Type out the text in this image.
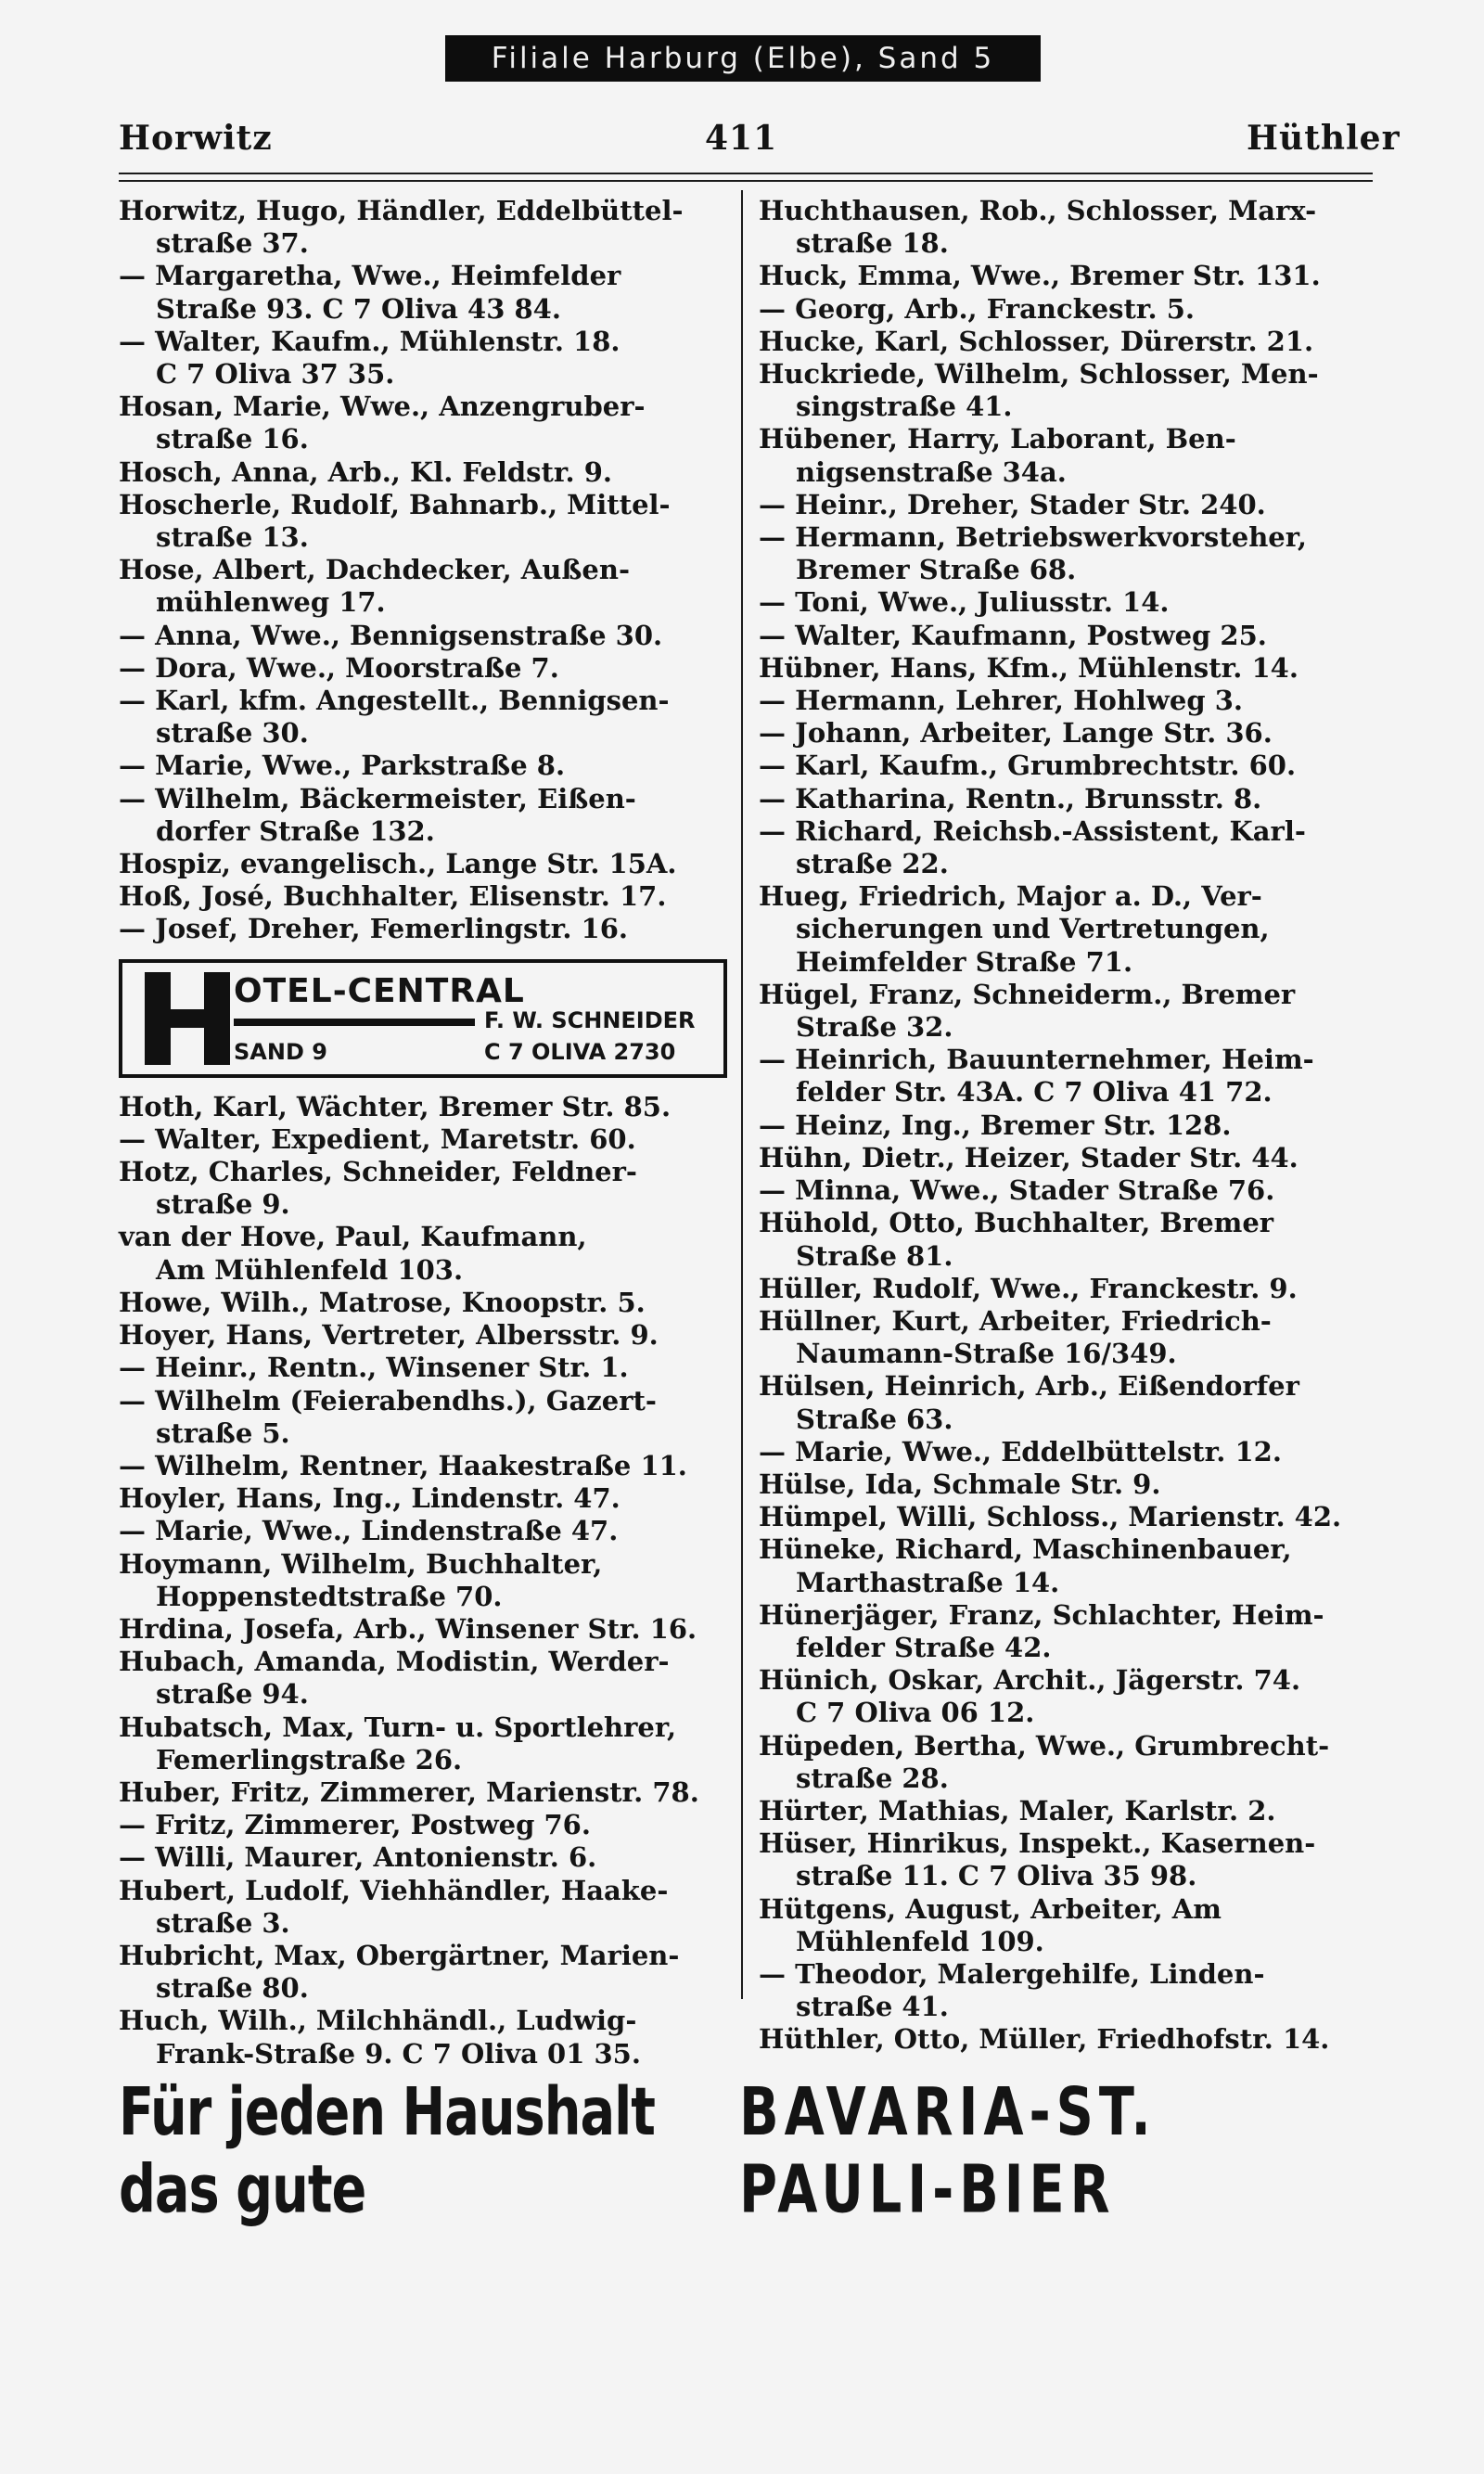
Filiale Harburg (Elbe), Sand 5
Horwitz	411	Hüthler
Horwitz, Hugo, Händler, Eddelbüttel-
straße 37.
— Margaretha, Wwe., Heimfelder
Straße 93. C 7 Oliva 43 84.
— Walter, Kaufm., Mühlenstr. 18.
C 7 Oliva 37 35.
Hosan, Marie, Wwe., Anzengruber-
straße 16.
Hosch, Anna, Arb., Kl. Feldstr. 9.
Hoscherle, Rudolf, Bahnarb., Mittel-
straße 13.
Hose, Albert, Dachdecker, Außen-
mühlenweg 17.
— Anna, Wwe., Bennigsenstraße 30.
— Dora, Wwe., Moorstraße 7.
— Karl, kfm. Angestellt., Bennigsen-
straße 30.
— Marie, Wwe., Parkstraße 8.
— Wilhelm, Bäckermeister, Eißen-
dorfer Straße 132.
Hospiz, evangelisch., Lange Str. 15A.
Hoß, José, Buchhalter, Elisenstr. 17.
— Josef, Dreher, Femerlingstr. 16.
OTEL-CENTRAL
F. W. SCHNEIDER
SAND 9	C 7 OLIVA 2730
Hoth, Karl, Wächter, Bremer Str. 85.
— Walter, Expedient, Maretstr. 60.
Hotz, Charles, Schneider, Feldner-
straße 9.
van der Hove, Paul, Kaufmann,
Am Mühlenfeld 103.
Howe, Wilh., Matrose, Knoopstr. 5.
Hoyer, Hans, Vertreter, Albersstr. 9.
— Heinr., Rentn., Winsener Str. 1.
— Wilhelm (Feierabendhs.), Gazert-
straße 5.
— Wilhelm, Rentner, Haakestraße 11.
Hoyler, Hans, Ing., Lindenstr. 47.
— Marie, Wwe., Lindenstraße 47.
Hoymann, Wilhelm, Buchhalter,
Hoppenstedtstraße 70.
Hrdina, Josefa, Arb., Winsener Str. 16.
Hubach, Amanda, Modistin, Werder-
straße 94.
Hubatsch, Max, Turn- u. Sportlehrer,
Femerlingstraße 26.
Huber, Fritz, Zimmerer, Marienstr. 78.
— Fritz, Zimmerer, Postweg 76.
— Willi, Maurer, Antonienstr. 6.
Hubert, Ludolf, Viehhändler, Haake-
straße 3.
Hubricht, Max, Obergärtner, Marien-
straße 80.
Huch, Wilh., Milchhändl., Ludwig-
Frank-Straße 9. C 7 Oliva 01 35.
Huchthausen, Rob., Schlosser, Marx-
straße 18.
Huck, Emma, Wwe., Bremer Str. 131.
— Georg, Arb., Franckestr. 5.
Hucke, Karl, Schlosser, Dürerstr. 21.
Huckriede, Wilhelm, Schlosser, Men-
singstraße 41.
Hübener, Harry, Laborant, Ben-
nigsenstraße 34a.
— Heinr., Dreher, Stader Str. 240.
— Hermann, Betriebswerkvorsteher,
Bremer Straße 68.
— Toni, Wwe., Juliusstr. 14.
— Walter, Kaufmann, Postweg 25.
Hübner, Hans, Kfm., Mühlenstr. 14.
— Hermann, Lehrer, Hohlweg 3.
— Johann, Arbeiter, Lange Str. 36.
— Karl, Kaufm., Grumbrechtstr. 60.
— Katharina, Rentn., Brunsstr. 8.
— Richard, Reichsb.-Assistent, Karl-
straße 22.
Hueg, Friedrich, Major a. D., Ver-
sicherungen und Vertretungen,
Heimfelder Straße 71.
Hügel, Franz, Schneiderm., Bremer
Straße 32.
— Heinrich, Bauunternehmer, Heim-
felder Str. 43A. C 7 Oliva 41 72.
— Heinz, Ing., Bremer Str. 128.
Hühn, Dietr., Heizer, Stader Str. 44.
— Minna, Wwe., Stader Straße 76.
Hühold, Otto, Buchhalter, Bremer
Straße 81.
Hüller, Rudolf, Wwe., Franckestr. 9.
Hüllner, Kurt, Arbeiter, Friedrich-
Naumann-Straße 16/349.
Hülsen, Heinrich, Arb., Eißendorfer
Straße 63.
— Marie, Wwe., Eddelbüttelstr. 12.
Hülse, Ida, Schmale Str. 9.
Hümpel, Willi, Schloss., Marienstr. 42.
Hüneke, Richard, Maschinenbauer,
Marthastraße 14.
Hünerjäger, Franz, Schlachter, Heim-
felder Straße 42.
Hünich, Oskar, Archit., Jägerstr. 74.
C 7 Oliva 06 12.
Hüpeden, Bertha, Wwe., Grumbrecht-
straße 28.
Hürter, Mathias, Maler, Karlstr. 2.
Hüser, Hinrikus, Inspekt., Kasernen-
straße 11. C 7 Oliva 35 98.
Hütgens, August, Arbeiter, Am
Mühlenfeld 109.
— Theodor, Malergehilfe, Linden-
straße 41.
Hüthler, Otto, Müller, Friedhofstr. 14.
Für jeden Haushalt das gute
BAVARIA-ST. PAULI-BIER
